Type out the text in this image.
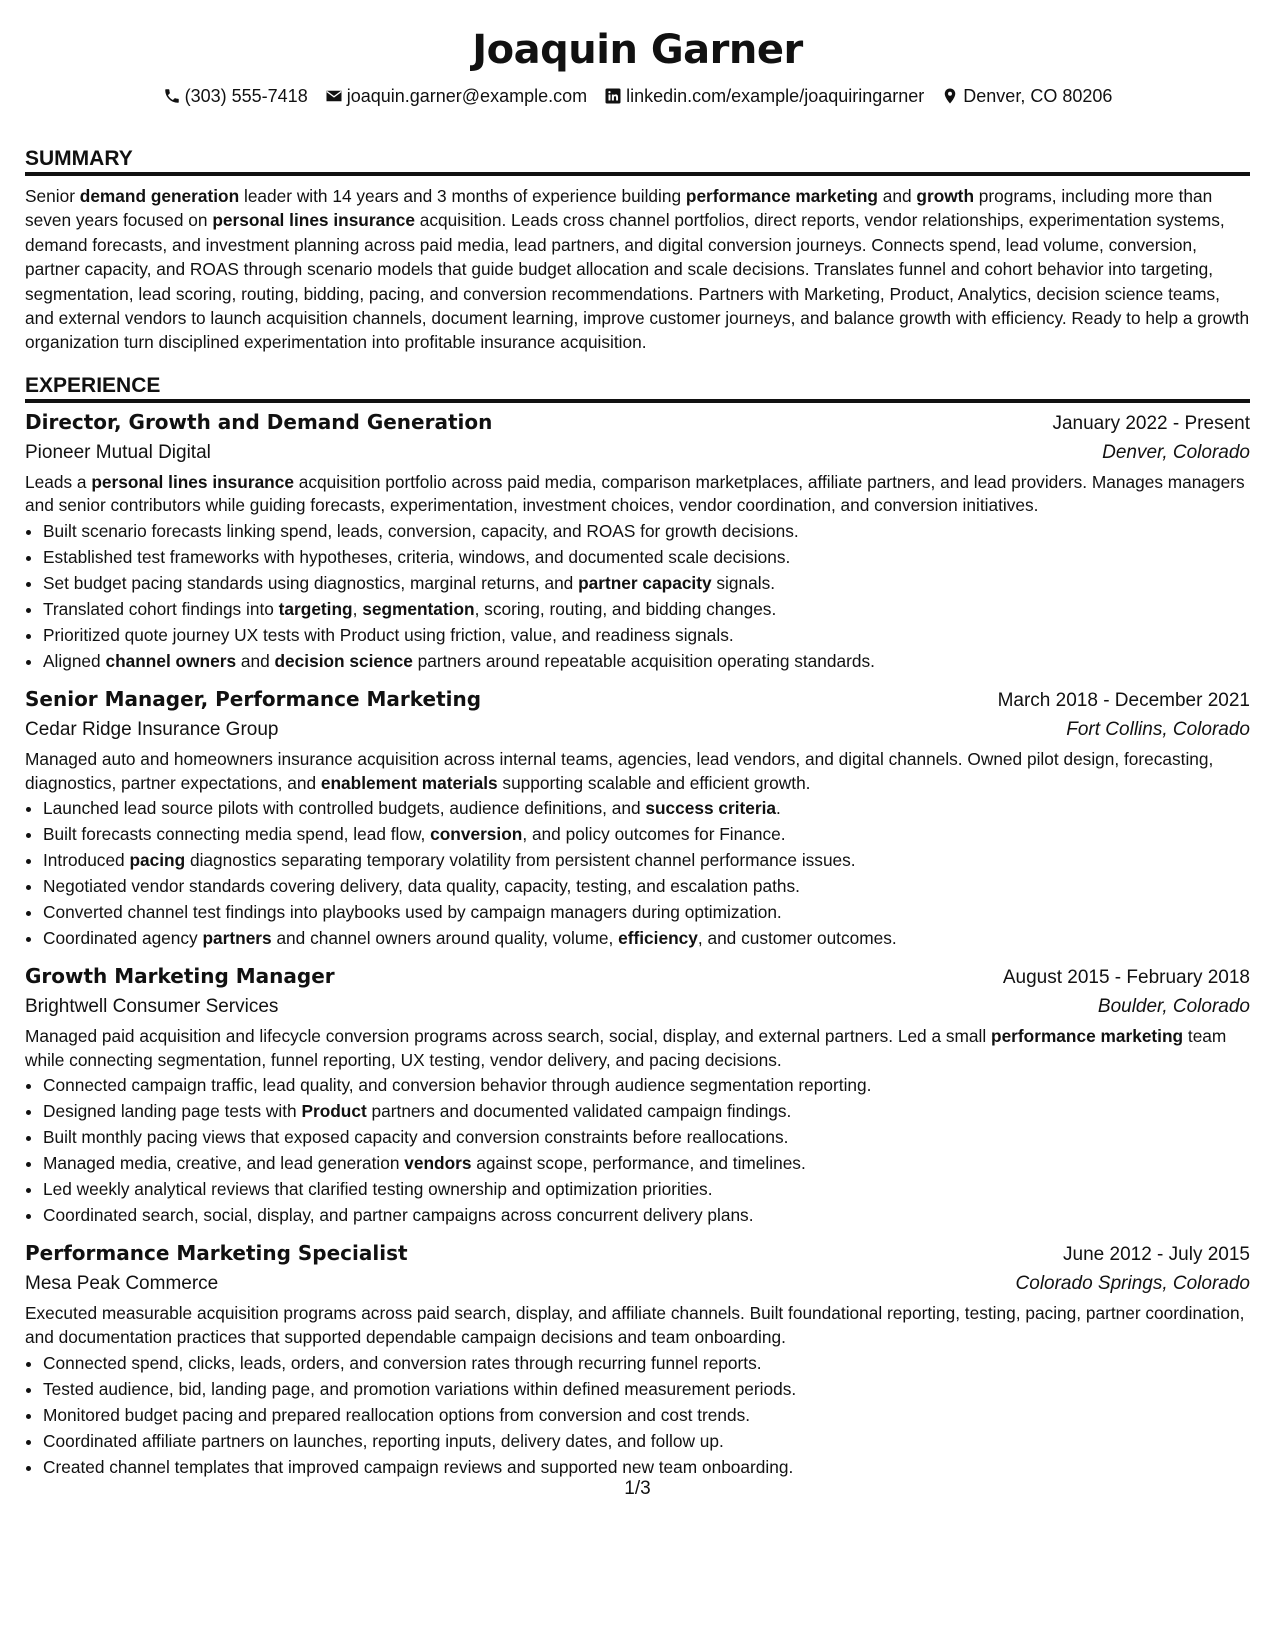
Joaquin Garner
(303) 555-7418 joaquin.garner@example.com linkedin.com/example/joaquiringarner Denver, CO 80206
SUMMARY
Senior demand generation leader with 14 years and 3 months of experience building performance marketing and growth programs, including more than seven years focused on personal lines insurance acquisition. Leads cross channel portfolios, direct reports, vendor relationships, experimentation systems, demand forecasts, and investment planning across paid media, lead partners, and digital conversion journeys. Connects spend, lead volume, conversion, partner capacity, and ROAS through scenario models that guide budget allocation and scale decisions. Translates funnel and cohort behavior into targeting, segmentation, lead scoring, routing, bidding, pacing, and conversion recommendations. Partners with Marketing, Product, Analytics, decision science teams, and external vendors to launch acquisition channels, document learning, improve customer journeys, and balance growth with efficiency. Ready to help a growth organization turn disciplined experimentation into profitable insurance acquisition.
EXPERIENCE
Director, Growth and Demand Generation	January 2022 - Present
Pioneer Mutual Digital	Denver, Colorado
Leads a personal lines insurance acquisition portfolio across paid media, comparison marketplaces, affiliate partners, and lead providers. Manages managers and senior contributors while guiding forecasts, experimentation, investment choices, vendor coordination, and conversion initiatives.
• Built scenario forecasts linking spend, leads, conversion, capacity, and ROAS for growth decisions.
• Established test frameworks with hypotheses, criteria, windows, and documented scale decisions.
• Set budget pacing standards using diagnostics, marginal returns, and partner capacity signals.
• Translated cohort findings into targeting, segmentation, scoring, routing, and bidding changes.
• Prioritized quote journey UX tests with Product using friction, value, and readiness signals.
• Aligned channel owners and decision science partners around repeatable acquisition operating standards.
Senior Manager, Performance Marketing	March 2018 - December 2021
Cedar Ridge Insurance Group	Fort Collins, Colorado
Managed auto and homeowners insurance acquisition across internal teams, agencies, lead vendors, and digital channels. Owned pilot design, forecasting, diagnostics, partner expectations, and enablement materials supporting scalable and efficient growth.
• Launched lead source pilots with controlled budgets, audience definitions, and success criteria.
• Built forecasts connecting media spend, lead flow, conversion, and policy outcomes for Finance.
• Introduced pacing diagnostics separating temporary volatility from persistent channel performance issues.
• Negotiated vendor standards covering delivery, data quality, capacity, testing, and escalation paths.
• Converted channel test findings into playbooks used by campaign managers during optimization.
• Coordinated agency partners and channel owners around quality, volume, efficiency, and customer outcomes.
Growth Marketing Manager	August 2015 - February 2018
Brightwell Consumer Services	Boulder, Colorado
Managed paid acquisition and lifecycle conversion programs across search, social, display, and external partners. Led a small performance marketing team while connecting segmentation, funnel reporting, UX testing, vendor delivery, and pacing decisions.
• Connected campaign traffic, lead quality, and conversion behavior through audience segmentation reporting.
• Designed landing page tests with Product partners and documented validated campaign findings.
• Built monthly pacing views that exposed capacity and conversion constraints before reallocations.
• Managed media, creative, and lead generation vendors against scope, performance, and timelines.
• Led weekly analytical reviews that clarified testing ownership and optimization priorities.
• Coordinated search, social, display, and partner campaigns across concurrent delivery plans.
Performance Marketing Specialist	June 2012 - July 2015
Mesa Peak Commerce	Colorado Springs, Colorado
Executed measurable acquisition programs across paid search, display, and affiliate channels. Built foundational reporting, testing, pacing, partner coordination, and documentation practices that supported dependable campaign decisions and team onboarding.
• Connected spend, clicks, leads, orders, and conversion rates through recurring funnel reports.
• Tested audience, bid, landing page, and promotion variations within defined measurement periods.
• Monitored budget pacing and prepared reallocation options from conversion and cost trends.
• Coordinated affiliate partners on launches, reporting inputs, delivery dates, and follow up.
• Created channel templates that improved campaign reviews and supported new team onboarding.
1/3
